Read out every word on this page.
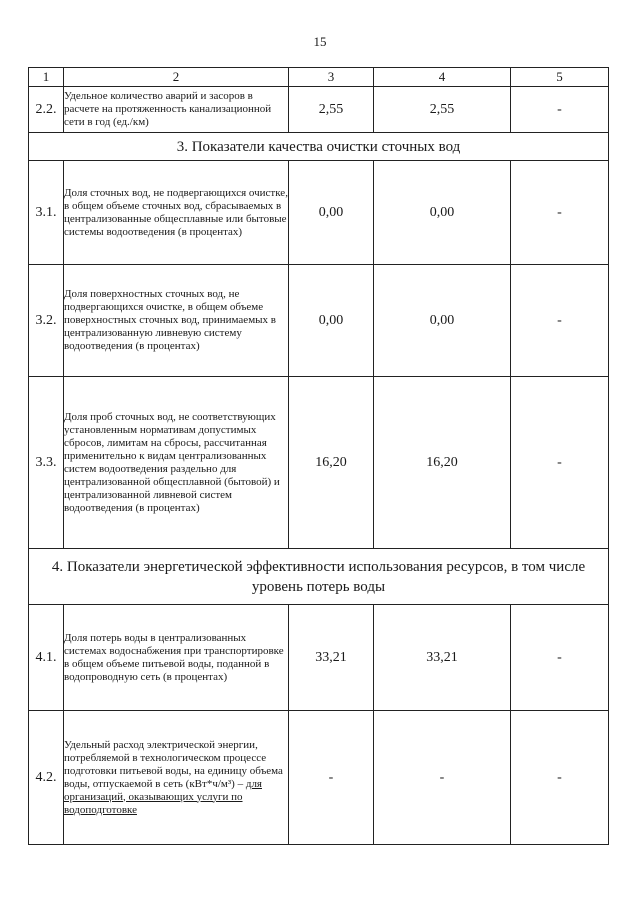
15
1	2	3	4	5
2.2.	Удельное количество аварий и засоров в расчете на протяженность канализационной сети в год (ед./км)	2,55	2,55	-
3. Показатели качества очистки сточных вод				
3.1.	Доля сточных вод, не подвергающихся очистке, в общем объеме сточных вод, сбрасываемых в централизованные общесплавные или бытовые системы водоотведения (в процентах)	0,00	0,00	-
3.2.	Доля поверхностных сточных вод, не подвергающихся очистке, в общем объеме поверхностных сточных вод, принимаемых в централизованную ливневую систему водоотведения (в процентах)	0,00	0,00	-
3.3.	Доля проб сточных вод, не соответствующих установленным нормативам допустимых сбросов, лимитам на сбросы, рассчитанная применительно к видам централизованных систем водоотведения раздельно для централизованной общесплавной (бытовой) и централизованной ливневой систем водоотведения (в процентах)	16,20	16,20	-
4. Показатели энергетической эффективности использования ресурсов, в том числе уровень потерь воды				
4.1.	Доля потерь воды в централизованных системах водоснабжения при транспортировке в общем объеме питьевой воды, поданной в водопроводную сеть (в процентах)	33,21	33,21	-
4.2.	Удельный расход электрической энергии, потребляемой в технологическом процессе подготовки питьевой воды, на единицу объема воды, отпускаемой в сеть (кВт*ч/м³) – для организаций, оказывающих услуги по водоподготовке	-	-	-
